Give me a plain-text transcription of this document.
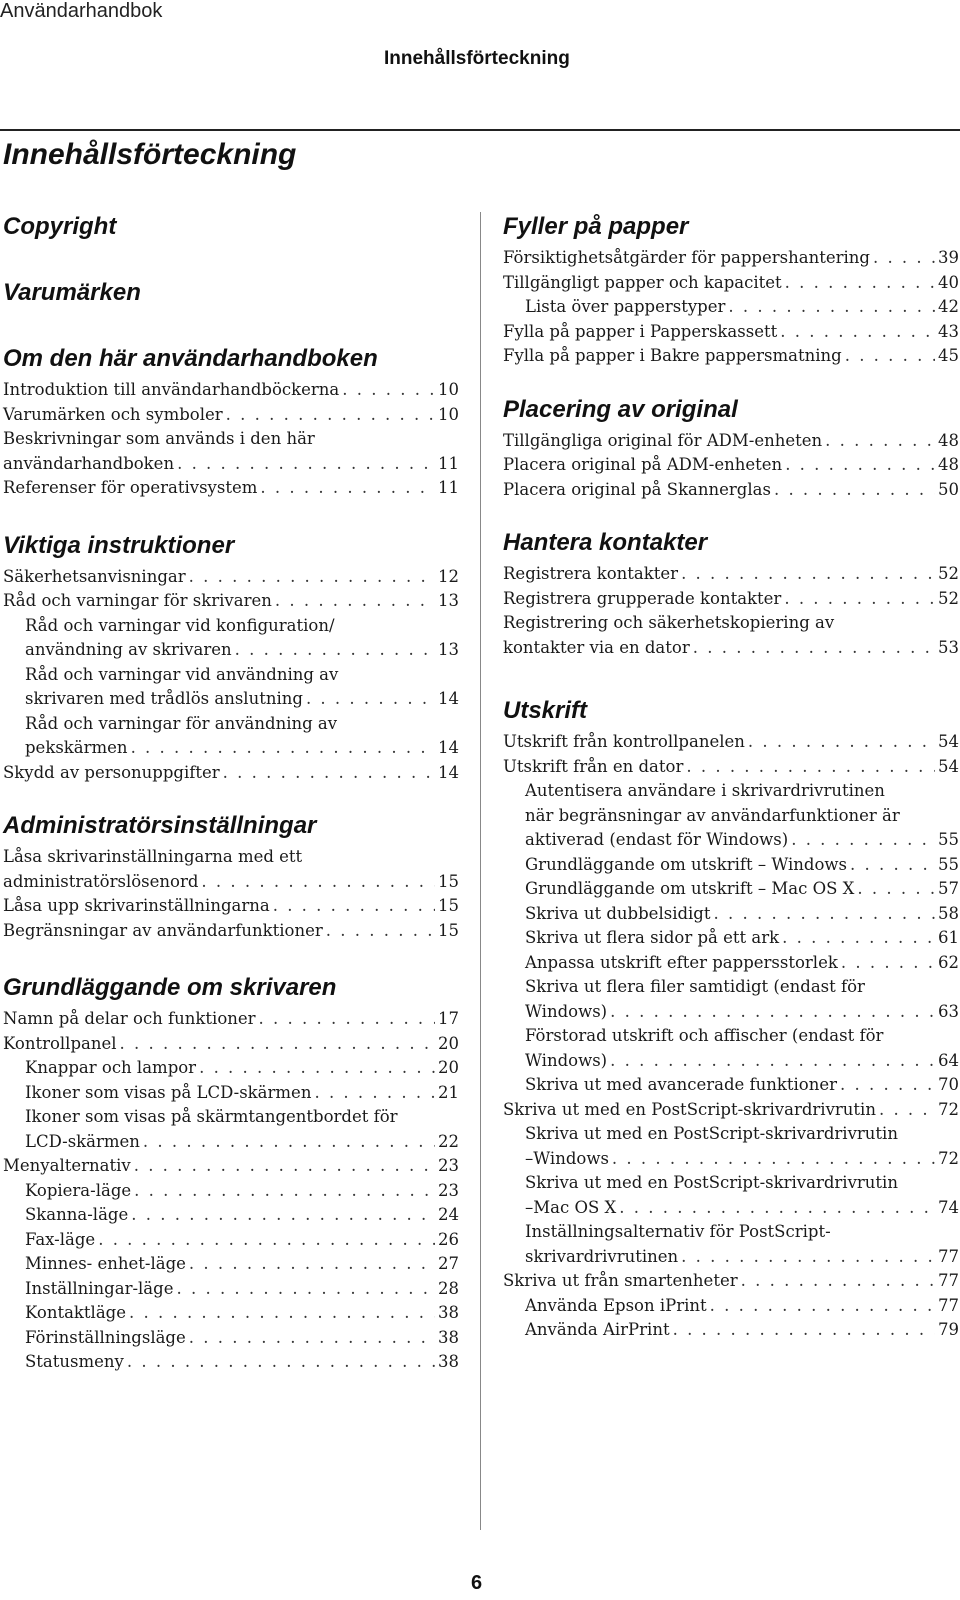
Användarhandbok
Innehållsförteckning
Innehållsförteckning
Copyright
Varumärken
Om den här användarhandboken
Introduktion till användarhandböckerna . . .	10
Varumärken och symboler . . .	10
Beskrivningar som används i den här
användarhandboken . . .	11
Referenser för operativsystem . . .	11
Viktiga instruktioner
Säkerhetsanvisningar . . .	12
Råd och varningar för skrivaren . . .	13
Råd och varningar vid konfiguration/
användning av skrivaren . . .	13
Råd och varningar vid användning av
skrivaren med trådlös anslutning . . .	14
Råd och varningar för användning av
pekskärmen . . .	14
Skydd av personuppgifter . . .	14
Administratörsinställningar
Låsa skrivarinställningarna med ett
administratörslösenord . . .	15
Låsa upp skrivarinställningarna . . .	15
Begränsningar av användarfunktioner . . .	15
Grundläggande om skrivaren
Namn på delar och funktioner . . .	17
Kontrollpanel . . .	20
Knappar och lampor . . .	20
Ikoner som visas på LCD-skärmen . . .	21
Ikoner som visas på skärmtangentbordet för
LCD-skärmen . . .	22
Menyalternativ . . .	23
Kopiera-läge . . .	23
Skanna-läge . . .	24
Fax-läge . . .	26
Minnes- enhet-läge . . .	27
Inställningar-läge . . .	28
Kontaktläge . . .	38
Förinställningsläge . . .	38
Statusmeny . . .	38
Fyller på papper
Försiktighetsåtgärder för pappershantering . . .	39
Tillgängligt papper och kapacitet . . .	40
Lista över papperstyper . . .	42
Fylla på papper i Papperskassett . . .	43
Fylla på papper i Bakre pappersmatning . . .	45
Placering av original
Tillgängliga original för ADM-enheten . . .	48
Placera original på ADM-enheten . . .	48
Placera original på Skannerglas . . .	50
Hantera kontakter
Registrera kontakter . . .	52
Registrera grupperade kontakter . . .	52
Registrering och säkerhetskopiering av
kontakter via en dator . . .	53
Utskrift
Utskrift från kontrollpanelen . . .	54
Utskrift från en dator . . .	54
Autentisera användare i skrivardrivrutinen
när begränsningar av användarfunktioner är
aktiverad (endast för Windows) . . .	55
Grundläggande om utskrift – Windows . . .	55
Grundläggande om utskrift – Mac OS X . . .	57
Skriva ut dubbelsidigt . . .	58
Skriva ut flera sidor på ett ark . . .	61
Anpassa utskrift efter pappersstorlek . . .	62
Skriva ut flera filer samtidigt (endast för
Windows) . . .	63
Förstorad utskrift och affischer (endast för
Windows) . . .	64
Skriva ut med avancerade funktioner . . .	70
Skriva ut med en PostScript-skrivardrivrutin . . .	72
Skriva ut med en PostScript-skrivardrivrutin
–Windows . . .	72
Skriva ut med en PostScript-skrivardrivrutin
–Mac OS X . . .	74
Inställningsalternativ för PostScript-
skrivardrivrutinen . . .	77
Skriva ut från smartenheter . . .	77
Använda Epson iPrint . . .	77
Använda AirPrint . . .	79
6
